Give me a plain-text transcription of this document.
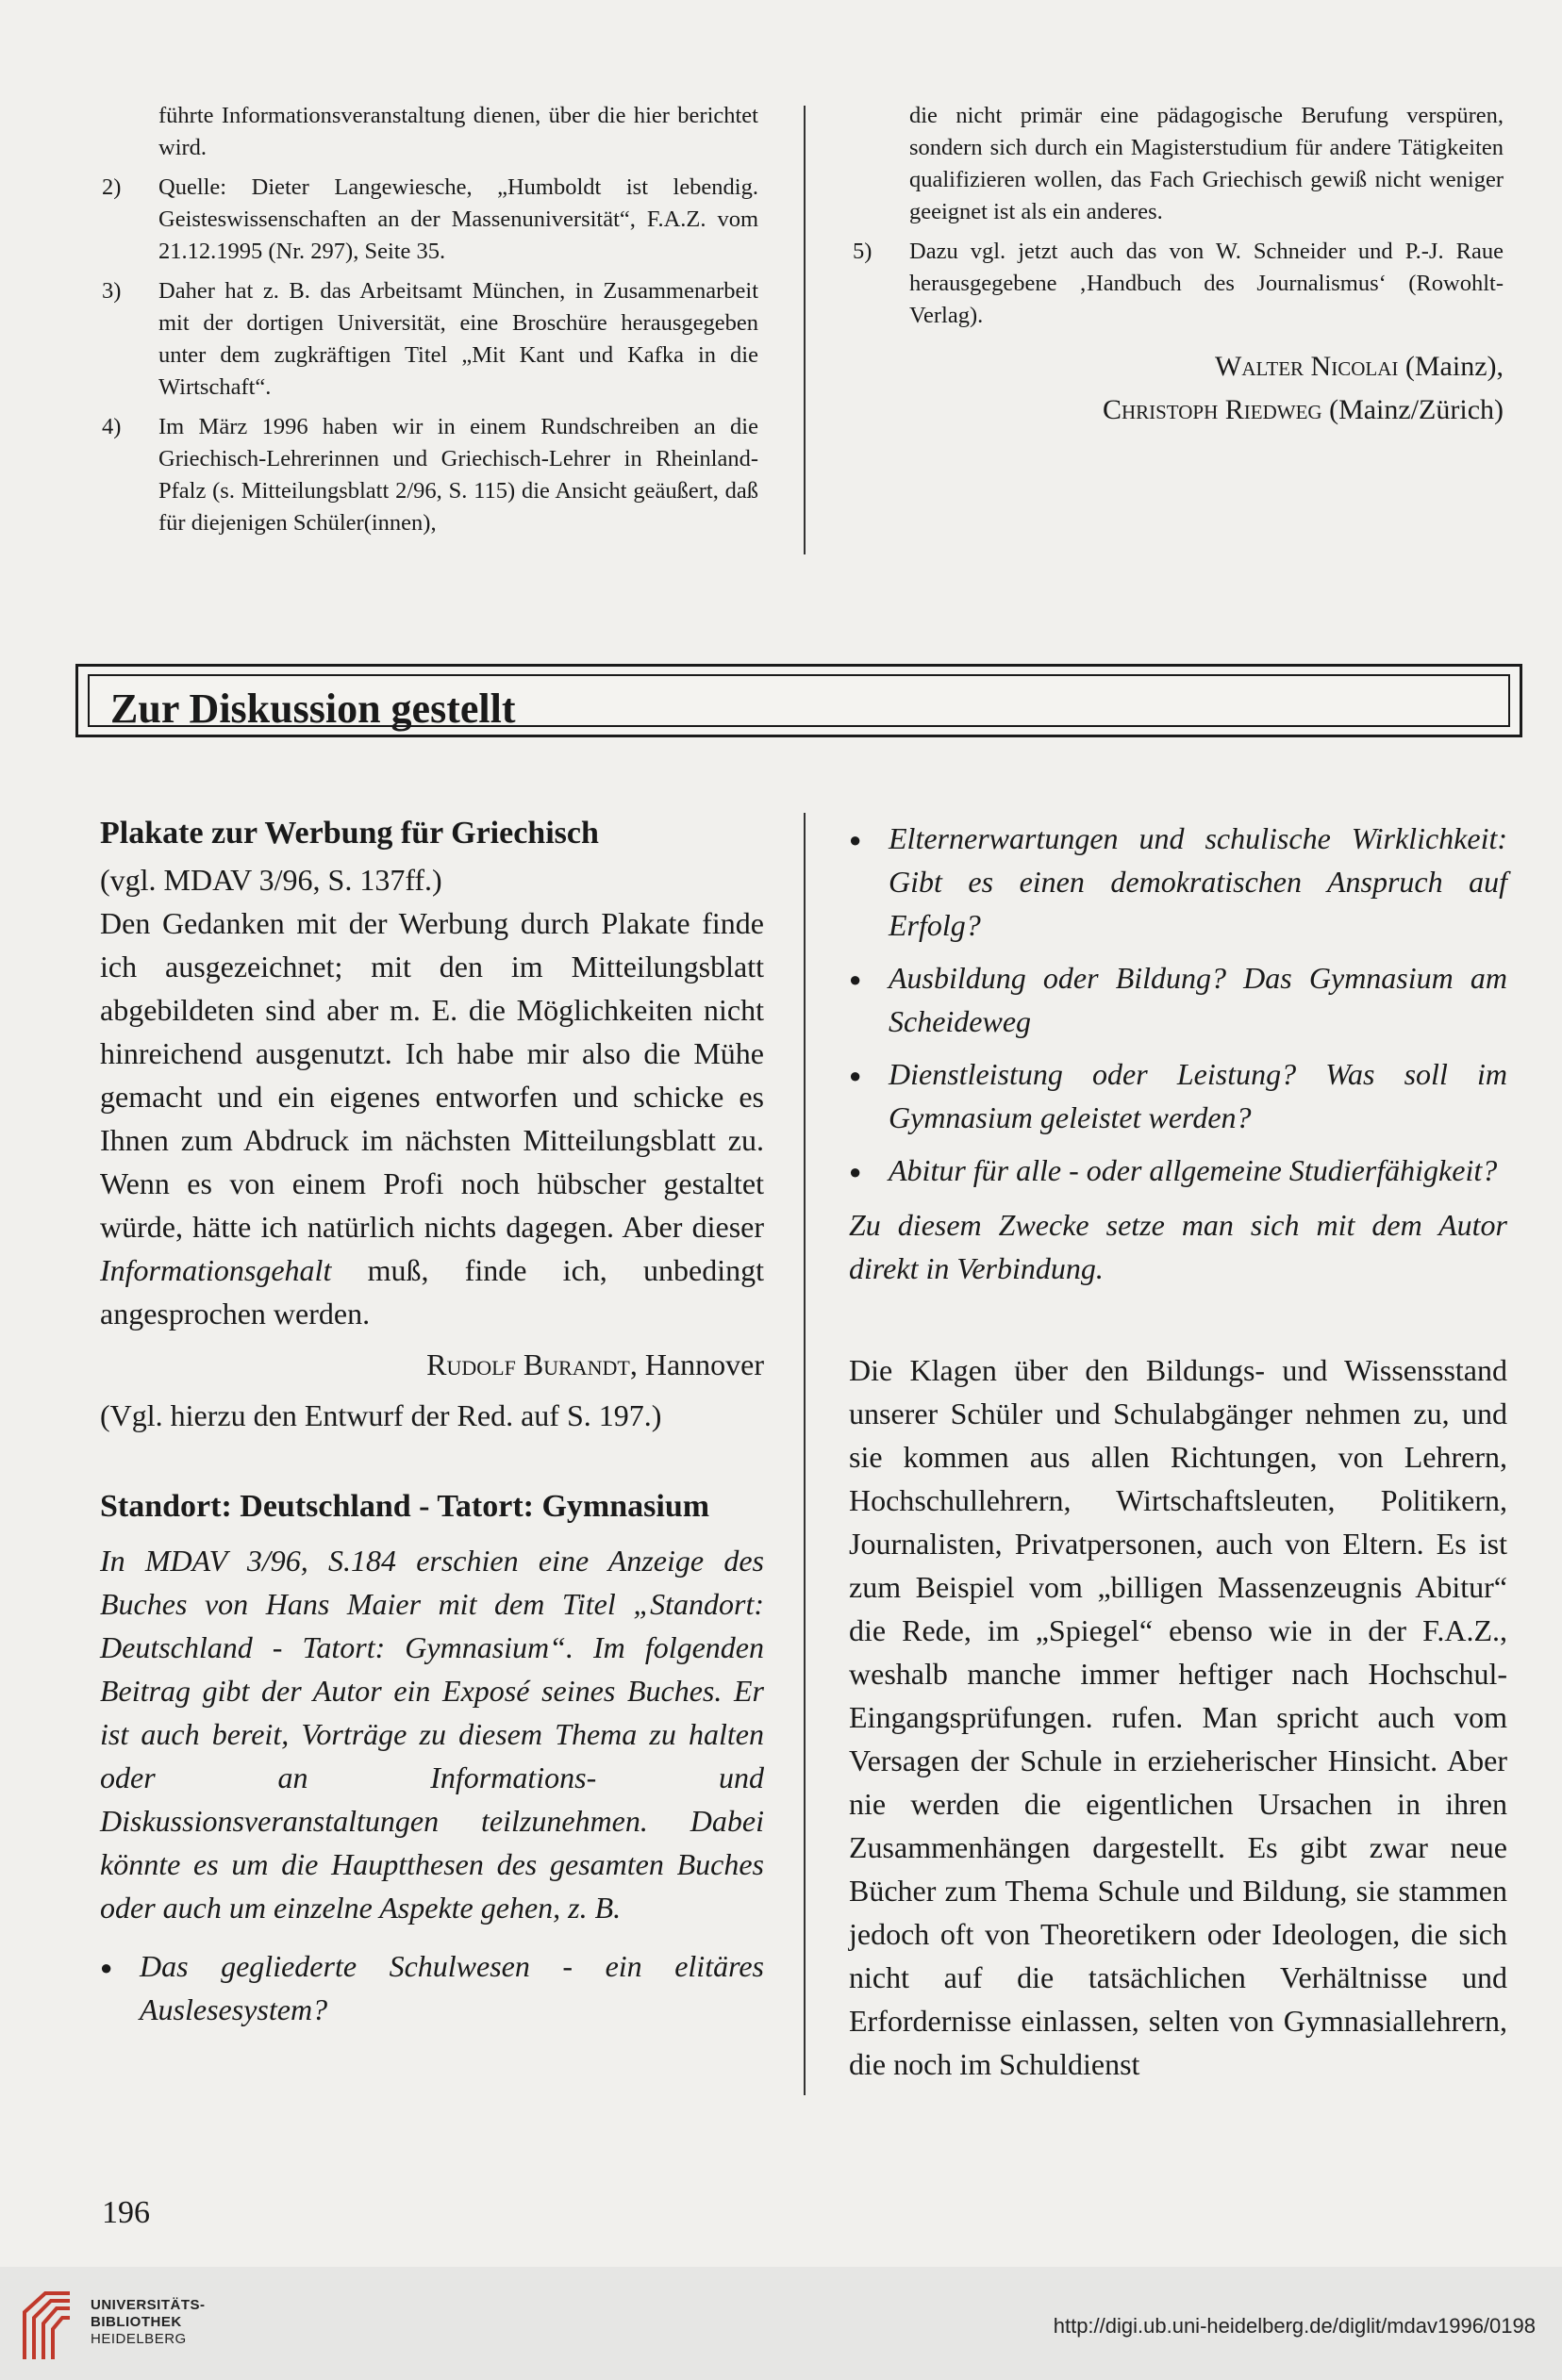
führte Informationsveranstaltung dienen, über die hier berichtet wird.
2)	Quelle: Dieter Langewiesche, „Humboldt ist lebendig. Geisteswissenschaften an der Massenuniversität“, F.A.Z. vom 21.12.1995 (Nr. 297), Seite 35.
3)	Daher hat z. B. das Arbeitsamt München, in Zusammenarbeit mit der dortigen Universität, eine Broschüre herausgegeben unter dem zugkräftigen Titel „Mit Kant und Kafka in die Wirtschaft“.
4)	Im März 1996 haben wir in einem Rundschreiben an die Griechisch-Lehrerinnen und Griechisch-Lehrer in Rheinland-Pfalz (s. Mitteilungsblatt 2/96, S. 115) die Ansicht geäußert, daß für diejenigen Schüler(innen),
die nicht primär eine pädagogische Berufung verspüren, sondern sich durch ein Magisterstudium für andere Tätigkeiten qualifizieren wollen, das Fach Griechisch gewiß nicht weniger geeignet ist als ein anderes.
5)	Dazu vgl. jetzt auch das von W. Schneider und P.-J. Raue herausgegebene ‚Handbuch des Journalismus‘ (Rowohlt-Verlag).
Walter Nicolai (Mainz),
Christoph Riedweg (Mainz/Zürich)
Zur Diskussion gestellt
Plakate zur Werbung für Griechisch

(vgl. MDAV 3/96, S. 137ff.)

Den Gedanken mit der Werbung durch Plakate finde ich ausgezeichnet; mit den im Mitteilungsblatt abgebildeten sind aber m. E. die Möglichkeiten nicht hinreichend ausgenutzt. Ich habe mir also die Mühe gemacht und ein eigenes entworfen und schicke es Ihnen zum Abdruck im nächsten Mitteilungsblatt zu. Wenn es von einem Profi noch hübscher gestaltet würde, hätte ich natürlich nichts dagegen. Aber dieser Informationsgehalt muß, finde ich, unbedingt angesprochen werden.

Rudolf Burandt, Hannover

(Vgl. hierzu den Entwurf der Red. auf S. 197.)

Standort: Deutschland - Tatort: Gymnasium

In MDAV 3/96, S.184 erschien eine Anzeige des Buches von Hans Maier mit dem Titel „Standort: Deutschland - Tatort: Gymnasium“. Im folgenden Beitrag gibt der Autor ein Exposé seines Buches. Er ist auch bereit, Vorträge zu diesem Thema zu halten oder an Informations- und Diskussionsveranstaltungen teilzunehmen. Dabei könnte es um die Hauptthesen des gesamten Buches oder auch um einzelne Aspekte gehen, z. B.

● Das gegliederte Schulwesen - ein elitäres Auslesesystem?
● Elternerwartungen und schulische Wirklichkeit: Gibt es einen demokratischen Anspruch auf Erfolg?
● Ausbildung oder Bildung? Das Gymnasium am Scheideweg
● Dienstleistung oder Leistung? Was soll im Gymnasium geleistet werden?
● Abitur für alle - oder allgemeine Studierfähigkeit?

Zu diesem Zwecke setze man sich mit dem Autor direkt in Verbindung.

Die Klagen über den Bildungs- und Wissensstand unserer Schüler und Schulabgänger nehmen zu, und sie kommen aus allen Richtungen, von Lehrern, Hochschullehrern, Wirtschaftsleuten, Politikern, Journalisten, Privatpersonen, auch von Eltern. Es ist zum Beispiel vom „billigen Massenzeugnis Abitur“ die Rede, im „Spiegel“ ebenso wie in der F.A.Z., weshalb manche immer heftiger nach Hochschul-Eingangsprüfungen. rufen. Man spricht auch vom Versagen der Schule in erzieherischer Hinsicht. Aber nie werden die eigentlichen Ursachen in ihren Zusammenhängen dargestellt. Es gibt zwar neue Bücher zum Thema Schule und Bildung, sie stammen jedoch oft von Theoretikern oder Ideologen, die sich nicht auf die tatsächlichen Verhältnisse und Erfordernisse einlassen, selten von Gymnasiallehrern, die noch im Schuldienst

196
UNIVERSITÄTS-
BIBLIOTHEK
HEIDELBERG
http://digi.ub.uni-heidelberg.de/diglit/mdav1996/0198
